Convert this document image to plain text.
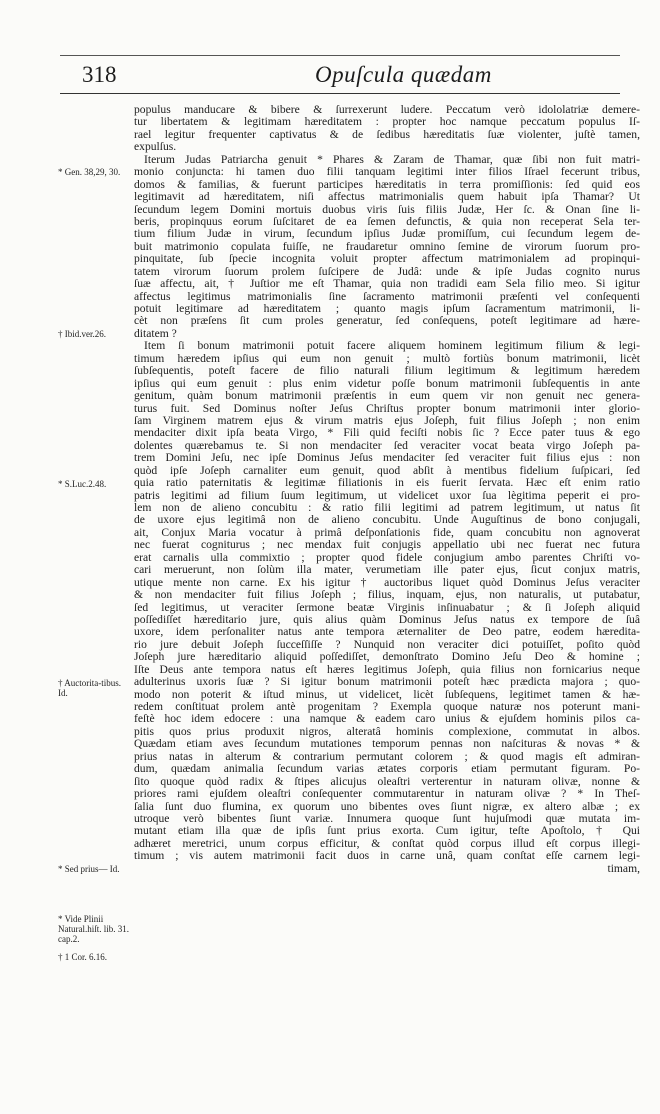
318	Opuſcula quædam
* Gen. 38,29, 30.
† Ibid.ver.26.
* S.Luc.2.48.
† Auctorita-tibus. Id.
* Sed prius— Id.
* Vide Plinii Natural.hiſt. lib. 31. cap.2.
† 1 Cor. 6.16.
populus manducare & bibere & ſurrexerunt ludere. Peccatum verò idololatriæ demere-
tur libertatem & legitimam hæreditatem : propter hoc namque peccatum populus Iſ-
rael legitur frequenter captivatus & de ſedibus hæreditatis ſuæ violenter, juſtè tamen,
expulſus.
Iterum Judas Patriarcha genuit * Phares & Zaram de Thamar, quæ ſibi non fuit matri-
monio conjuncta: hi tamen duo filii tanquam legitimi inter filios Iſrael fecerunt tribus,
domos & familias, & fuerunt participes hæreditatis in terra promiſſionis: ſed quid eos
legitimavit ad hæreditatem, niſi affectus matrimonialis quem habuit ipſa Thamar? Ut
ſecundum legem Domini mortuis duobus viris ſuis filiis Judæ, Her ſc. & Onan ſine li-
beris, propinquus eorum ſuſcitaret de ea ſemen defunctis, & quia non receperat Sela ter-
tium filium Judæ in virum, ſecundum ipſius Judæ promiſſum, cui ſecundum legem de-
buit matrimonio copulata fuiſſe, ne fraudaretur omnino ſemine de virorum ſuorum pro-
pinquitate, ſub ſpecie incognita voluit propter affectum matrimonialem ad propinqui-
tatem virorum ſuorum prolem ſuſcipere de Judâ: unde & ipſe Judas cognito nurus
ſuæ affectu, ait, † Juſtior me eſt Thamar, quia non tradidi eam Sela filio meo. Si igitur
affectus legitimus matrimonialis ſine ſacramento matrimonii præſenti vel conſequenti
potuit legitimare ad hæreditatem ; quanto magis ipſum ſacramentum matrimonii, li-
cèt non præſens ſit cum proles generatur, ſed conſequens, poteſt legitimare ad hære-
ditatem ?
Item ſi bonum matrimonii potuit facere aliquem hominem legitimum filium & legi-
timum hæredem ipſius qui eum non genuit ; multò fortiùs bonum matrimonii, licèt
ſubſequentis, poteſt facere de filio naturali filium legitimum & legitimum hæredem
ipſius qui eum genuit : plus enim videtur poſſe bonum matrimonii ſubſequentis in ante
genitum, quàm bonum matrimonii præſentis in eum quem vir non genuit nec genera-
turus fuit. Sed Dominus noſter Jeſus Chriſtus propter bonum matrimonii inter glorio-
ſam Virginem matrem ejus & virum matris ejus Joſeph, fuit filius Joſeph ; non enim
mendaciter dixit ipſa beata Virgo, * Fili quid feciſti nobis ſic ? Ecce pater tuus & ego
dolentes quærebamus te. Si non mendaciter ſed veraciter vocat beata virgo Joſeph pa-
trem Domini Jeſu, nec ipſe Dominus Jeſus mendaciter ſed veraciter fuit filius ejus : non
quòd ipſe Joſeph carnaliter eum genuit, quod abſit à mentibus fidelium ſuſpicari, ſed
quia ratio paternitatis & legitimæ filiationis in eis fuerit ſervata. Hæc eſt enim ratio
patris legitimi ad filium ſuum legitimum, ut videlicet uxor ſua lègitima peperit ei pro-
lem non de alieno concubitu : & ratio filii legitimi ad patrem legitimum, ut natus ſit
de uxore ejus legitimâ non de alieno concubitu. Unde Auguſtinus de bono conjugali,
ait, Conjux Maria vocatur à primâ deſponſationis fide, quam concubitu non agnoverat
nec fuerat cogniturus ; nec mendax fuit conjugis appellatio ubi nec fuerat nec futura
erat carnalis ulla commixtio ; propter quod fidele conjugium ambo parentes Chriſti vo-
cari meruerunt, non ſolùm illa mater, verumetiam ille pater ejus, ſicut conjux matris,
utique mente non carne. Ex his igitur † auctoribus liquet quòd Dominus Jeſus veraciter
& non mendaciter fuit filius Joſeph ; filius, inquam, ejus, non naturalis, ut putabatur,
ſed legitimus, ut veraciter ſermone beatæ Virginis inſinuabatur ; & ſi Joſeph aliquid
poſſediſſet hæreditario jure, quis alius quàm Dominus Jeſus natus ex tempore de ſuâ
uxore, idem perſonaliter natus ante tempora æternaliter de Deo patre, eodem hæredita-
rio jure debuit Joſeph ſucceſſiſſe ? Nunquid non veraciter dici potuiſſet, poſito quòd
Joſeph jure hæreditario aliquid poſſediſſet, demonſtrato Domino Jeſu Deo & homine ;
Iſte Deus ante tempora natus eſt hæres legitimus Joſeph, quia filius non fornicarius neque
adulterinus uxoris ſuæ ? Si igitur bonum matrimonii poteſt hæc prædicta majora ; quo-
modo non poterit & iſtud minus, ut videlicet, licèt ſubſequens, legitimet tamen & hæ-
redem conſtituat prolem antè progenitam ? Exempla quoque naturæ nos poterunt mani-
feſtè hoc idem edocere : una namque & eadem caro unius & ejuſdem hominis pilos ca-
pitis quos prius produxit nigros, alteratâ hominis complexione, commutat in albos.
Quædam etiam aves ſecundum mutationes temporum pennas non naſcituras & novas * &
prius natas in alterum & contrarium permutant colorem ; & quod magis eſt admiran-
dum, quædam animalia ſecundum varias ætates corporis etiam permutant figuram. Po-
ſito quoque quòd radix & ſtipes alicujus oleaſtri verterentur in naturam olivæ, nonne &
priores rami ejuſdem oleaſtri conſequenter commutarentur in naturam olivæ ? * In Theſ-
ſalia ſunt duo flumina, ex quorum uno bibentes oves ſiunt nigræ, ex altero albæ ; ex
utroque verò bibentes ſiunt variæ. Innumera quoque ſunt hujuſmodi quæ mutata im-
mutant etiam illa quæ de ipſis ſunt prius exorta. Cum igitur, teſte Apoſtolo, † Qui
adhæret meretrici, unum corpus efficitur, & conſtat quòd corpus illud eſt corpus illegi-
timum ; vis autem matrimonii facit duos in carne unâ, quam conſtat eſſe carnem legi-
timam,
